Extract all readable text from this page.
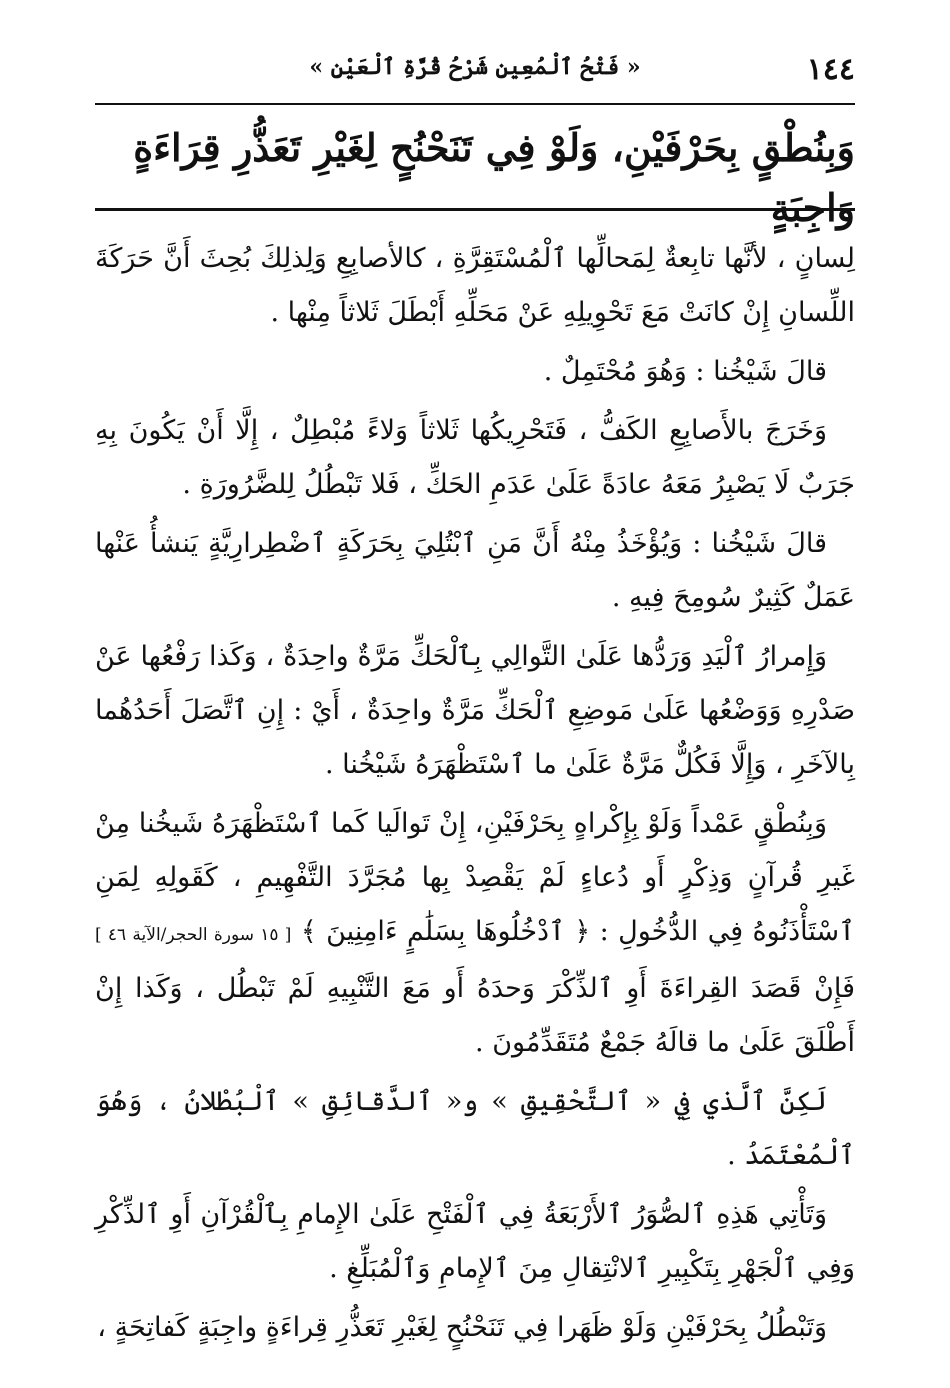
١٤٤
« فَتْحُ ٱلْمُعِينِ شَرْحُ قُرَّةِ ٱلْعَيْنِ »
وَبِنُطْقٍ بِحَرْفَيْنِ، وَلَوْ فِي تَنَحْنُحٍ لِغَيْرِ تَعَذُّرِ قِرَاءَةٍ وَاجِبَةٍ

لِسانٍ ، لأنَّها تابِعةٌ لِمَحالِّها ٱلْمُسْتَقِرَّةِ ، كالأصابِعِ وَلِذلِكَ بُحِثَ أَنَّ حَرَكَةَ اللِّسانِ إِنْ كانَتْ مَعَ تَحْوِيلِهِ عَنْ مَحَلِّهِ أَبْطَلَ ثَلاثاً مِنْها .

قالَ شَيْخُنا : وَهُوَ مُحْتَمِلٌ .

وَخَرَجَ بالأَصابِعِ الكَفُّ ، فَتَحْرِيكُها ثَلاثاً وَلاءً مُبْطِلٌ ، إِلَّا أَنْ يَكُونَ بِهِ جَرَبٌ لَا يَصْبِرُ مَعَهُ عادَةً عَلَىٰ عَدَمِ الحَكِّ ، فَلا تَبْطُلُ لِلضَّرُورَةِ .

قالَ شَيْخُنا : وَيُؤْخَذُ مِنْهُ أَنَّ مَنِ ٱبْتُلِيَ بِحَرَكَةٍ ٱضْطِرارِيَّةٍ يَنشأُ عَنْها عَمَلٌ كَثِيرٌ سُومِحَ فِيهِ .

وَإِمرارُ ٱلْيَدِ وَرَدُّها عَلَىٰ التَّوالِي بِٱلْحَكِّ مَرَّةٌ واحِدَةٌ ، وَكَذا رَفْعُها عَنْ صَدْرِهِ وَوَضْعُها عَلَىٰ مَوضِعِ ٱلْحَكِّ مَرَّةٌ واحِدَةٌ ، أَيْ : إِنِ ٱتَّصَلَ أَحَدُهُما بِالآخَرِ ، وَإِلَّا فَكُلٌّ مَرَّةٌ عَلَىٰ ما ٱسْتَظْهَرَهُ شَيْخُنا .

وَبِنُطْقٍ عَمْداً وَلَوْ بِإِكْراهٍ بِحَرْفَيْنِ، إِنْ تَوالَيا كَما ٱسْتَظْهَرَهُ شَيخُنا مِنْ غَيرِ قُرآنٍ وَذِكْرٍ أَو دُعاءٍ لَمْ يَقْصِدْ بِها مُجَرَّدَ التَّفْهِيمِ ، كَقَولِهِ لِمَنِ ٱسْتَأْذَنُوهُ فِي الدُّخُولِ : ﴿ ٱدْخُلُوهَا بِسَلَٰمٍ ءَامِنِينَ ﴾ [ ١٥ سورة الحجر/الآية ٤٦ ] فَإِنْ قَصَدَ القِراءَةَ أَوِ ٱلذِّكْرَ وَحدَهُ أَو مَعَ التَّنْبِيهِ لَمْ تَبْطُل ، وَكَذا إِنْ أَطْلَقَ عَلَىٰ ما قالَهُ جَمْعٌ مُتَقَدِّمُونَ .

لَكِنَّ ٱلَّذي فِي « ٱلتَّحْقِيقِ » و« ٱلدَّقائِقِ » ٱلْبُطْلانُ ، وَهُوَ ٱلْمُعْتَمَدُ .

وَتَأْتِي هَذِهِ ٱلصُّوَرُ ٱلأَرْبَعَةُ فِي ٱلْفَتْحِ عَلَىٰ الإِمامِ بِٱلْقُرْآنِ أَوِ ٱلذِّكْرِ وَفِي ٱلْجَهْرِ بِتَكْبِيرِ ٱلانْتِقالِ مِنَ ٱلإِمامِ وَٱلْمُبَلِّغِ .

وَتَبْطُلُ بِحَرْفَيْنِ وَلَوْ ظَهَرا فِي تَنَحْنُحٍ لِغَيْرِ تَعَذُّرِ قِراءَةٍ واجِبَةٍ كَفاتِحَةٍ ،
